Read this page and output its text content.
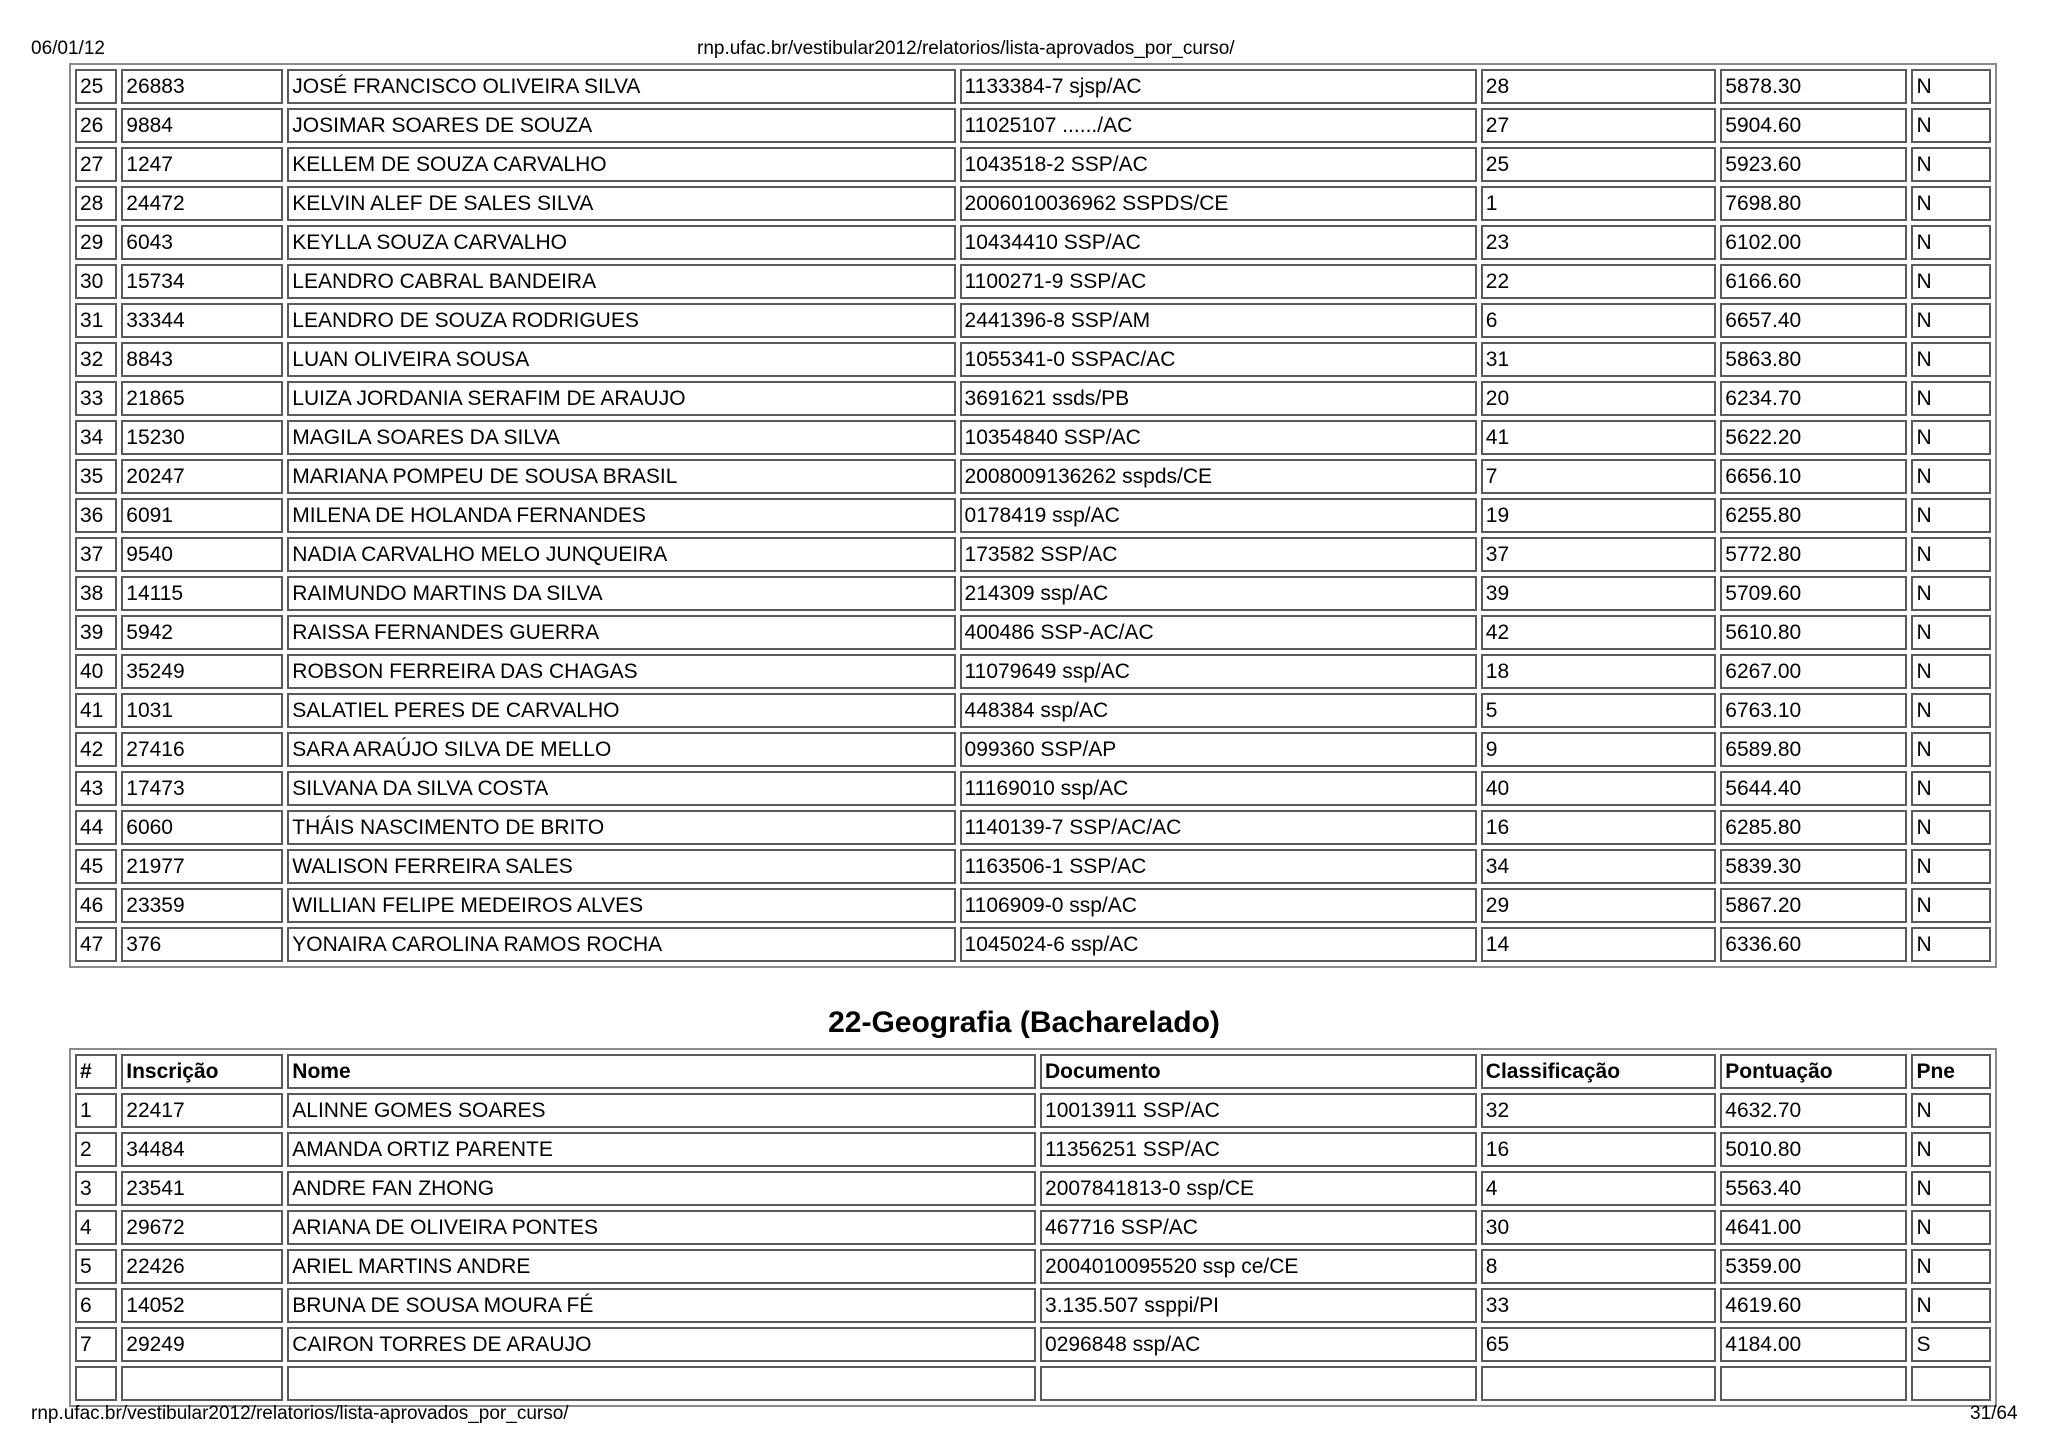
06/01/12	rnp.ufac.br/vestibular2012/relatorios/lista-aprovados_por_curso/
25	26883	JOSÉ FRANCISCO OLIVEIRA SILVA	1133384-7 sjsp/AC	28	5878.30	N
26	9884	JOSIMAR SOARES DE SOUZA	11025107 ....../AC	27	5904.60	N
27	1247	KELLEM DE SOUZA CARVALHO	1043518-2 SSP/AC	25	5923.60	N
28	24472	KELVIN ALEF DE SALES SILVA	2006010036962 SSPDS/CE	1	7698.80	N
29	6043	KEYLLA SOUZA CARVALHO	10434410 SSP/AC	23	6102.00	N
30	15734	LEANDRO CABRAL BANDEIRA	1100271-9 SSP/AC	22	6166.60	N
31	33344	LEANDRO DE SOUZA RODRIGUES	2441396-8 SSP/AM	6	6657.40	N
32	8843	LUAN OLIVEIRA SOUSA	1055341-0 SSPAC/AC	31	5863.80	N
33	21865	LUIZA JORDANIA SERAFIM DE ARAUJO	3691621 ssds/PB	20	6234.70	N
34	15230	MAGILA SOARES DA SILVA	10354840 SSP/AC	41	5622.20	N
35	20247	MARIANA POMPEU DE SOUSA BRASIL	2008009136262 sspds/CE	7	6656.10	N
36	6091	MILENA DE HOLANDA FERNANDES	0178419 ssp/AC	19	6255.80	N
37	9540	NADIA CARVALHO MELO JUNQUEIRA	173582 SSP/AC	37	5772.80	N
38	14115	RAIMUNDO MARTINS DA SILVA	214309 ssp/AC	39	5709.60	N
39	5942	RAISSA FERNANDES GUERRA	400486 SSP-AC/AC	42	5610.80	N
40	35249	ROBSON FERREIRA DAS CHAGAS	11079649 ssp/AC	18	6267.00	N
41	1031	SALATIEL PERES DE CARVALHO	448384 ssp/AC	5	6763.10	N
42	27416	SARA ARAÚJO SILVA DE MELLO	099360 SSP/AP	9	6589.80	N
43	17473	SILVANA DA SILVA COSTA	11169010 ssp/AC	40	5644.40	N
44	6060	THÁIS NASCIMENTO DE BRITO	1140139-7 SSP/AC/AC	16	6285.80	N
45	21977	WALISON FERREIRA SALES	1163506-1 SSP/AC	34	5839.30	N
46	23359	WILLIAN FELIPE MEDEIROS ALVES	1106909-0 ssp/AC	29	5867.20	N
47	376	YONAIRA CAROLINA RAMOS ROCHA	1045024-6 ssp/AC	14	6336.60	N
22-Geografia (Bacharelado)
#	Inscrição	Nome	Documento	Classificação	Pontuação	Pne
1	22417	ALINNE GOMES SOARES	10013911 SSP/AC	32	4632.70	N
2	34484	AMANDA ORTIZ PARENTE	11356251 SSP/AC	16	5010.80	N
3	23541	ANDRE FAN ZHONG	2007841813-0 ssp/CE	4	5563.40	N
4	29672	ARIANA DE OLIVEIRA PONTES	467716 SSP/AC	30	4641.00	N
5	22426	ARIEL MARTINS ANDRE	2004010095520 ssp ce/CE	8	5359.00	N
6	14052	BRUNA DE SOUSA MOURA FÉ	3.135.507 ssppi/PI	33	4619.60	N
7	29249	CAIRON TORRES DE ARAUJO	0296848 ssp/AC	65	4184.00	S

rnp.ufac.br/vestibular2012/relatorios/lista-aprovados_por_curso/	31/64
